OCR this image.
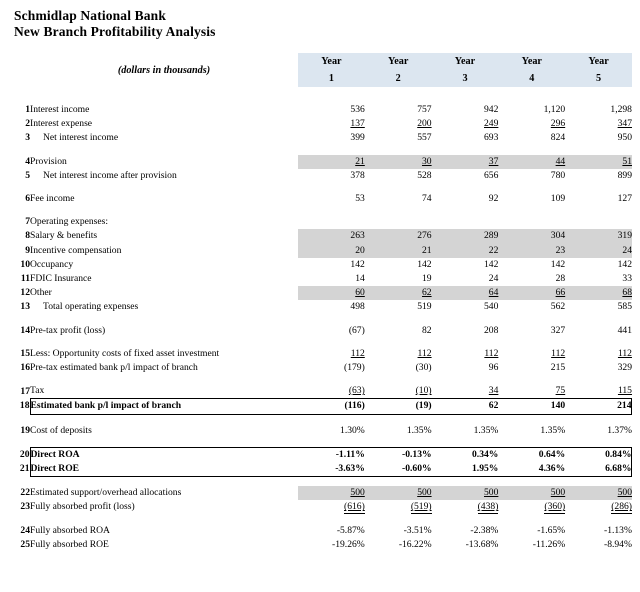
Schmidlap National Bank
New Branch Profitability Analysis
	(dollars in thousands)	Year	Year	Year	Year	Year
		1	2	3	4	5

1	Interest income	536	757	942	1,120	1,298
2	Interest expense	137	200	249	296	347
3	Net interest income	399	557	693	824	950

4	Provision	21	30	37	44	51
5	Net interest income after provision	378	528	656	780	899

6	Fee income	53	74	92	109	127

7	Operating expenses:					
8	Salary & benefits	263	276	289	304	319
9	Incentive compensation	20	21	22	23	24
10	Occupancy	142	142	142	142	142
11	FDIC Insurance	14	19	24	28	33
12	Other	60	62	64	66	68
13	Total operating expenses	498	519	540	562	585

14	Pre-tax profit (loss)	(67)	82	208	327	441

15	Less: Opportunity costs of fixed asset investment	112	112	112	112	112
16	Pre-tax estimated bank p/l impact of branch	(179)	(30)	96	215	329

17	Tax	(63)	(10)	34	75	115
18	Estimated bank p/l impact of branch	(116)	(19)	62	140	214

19	Cost of deposits	1.30%	1.35%	1.35%	1.35%	1.37%

20	Direct ROA	-1.11%	-0.13%	0.34%	0.64%	0.84%
21	Direct ROE	-3.63%	-0.60%	1.95%	4.36%	6.68%

22	Estimated support/overhead allocations	500	500	500	500	500
23	Fully absorbed profit (loss)	(616)	(519)	(438)	(360)	(286)

24	Fully absorbed ROA	-5.87%	-3.51%	-2.38%	-1.65%	-1.13%
25	Fully absorbed ROE	-19.26%	-16.22%	-13.68%	-11.26%	-8.94%
